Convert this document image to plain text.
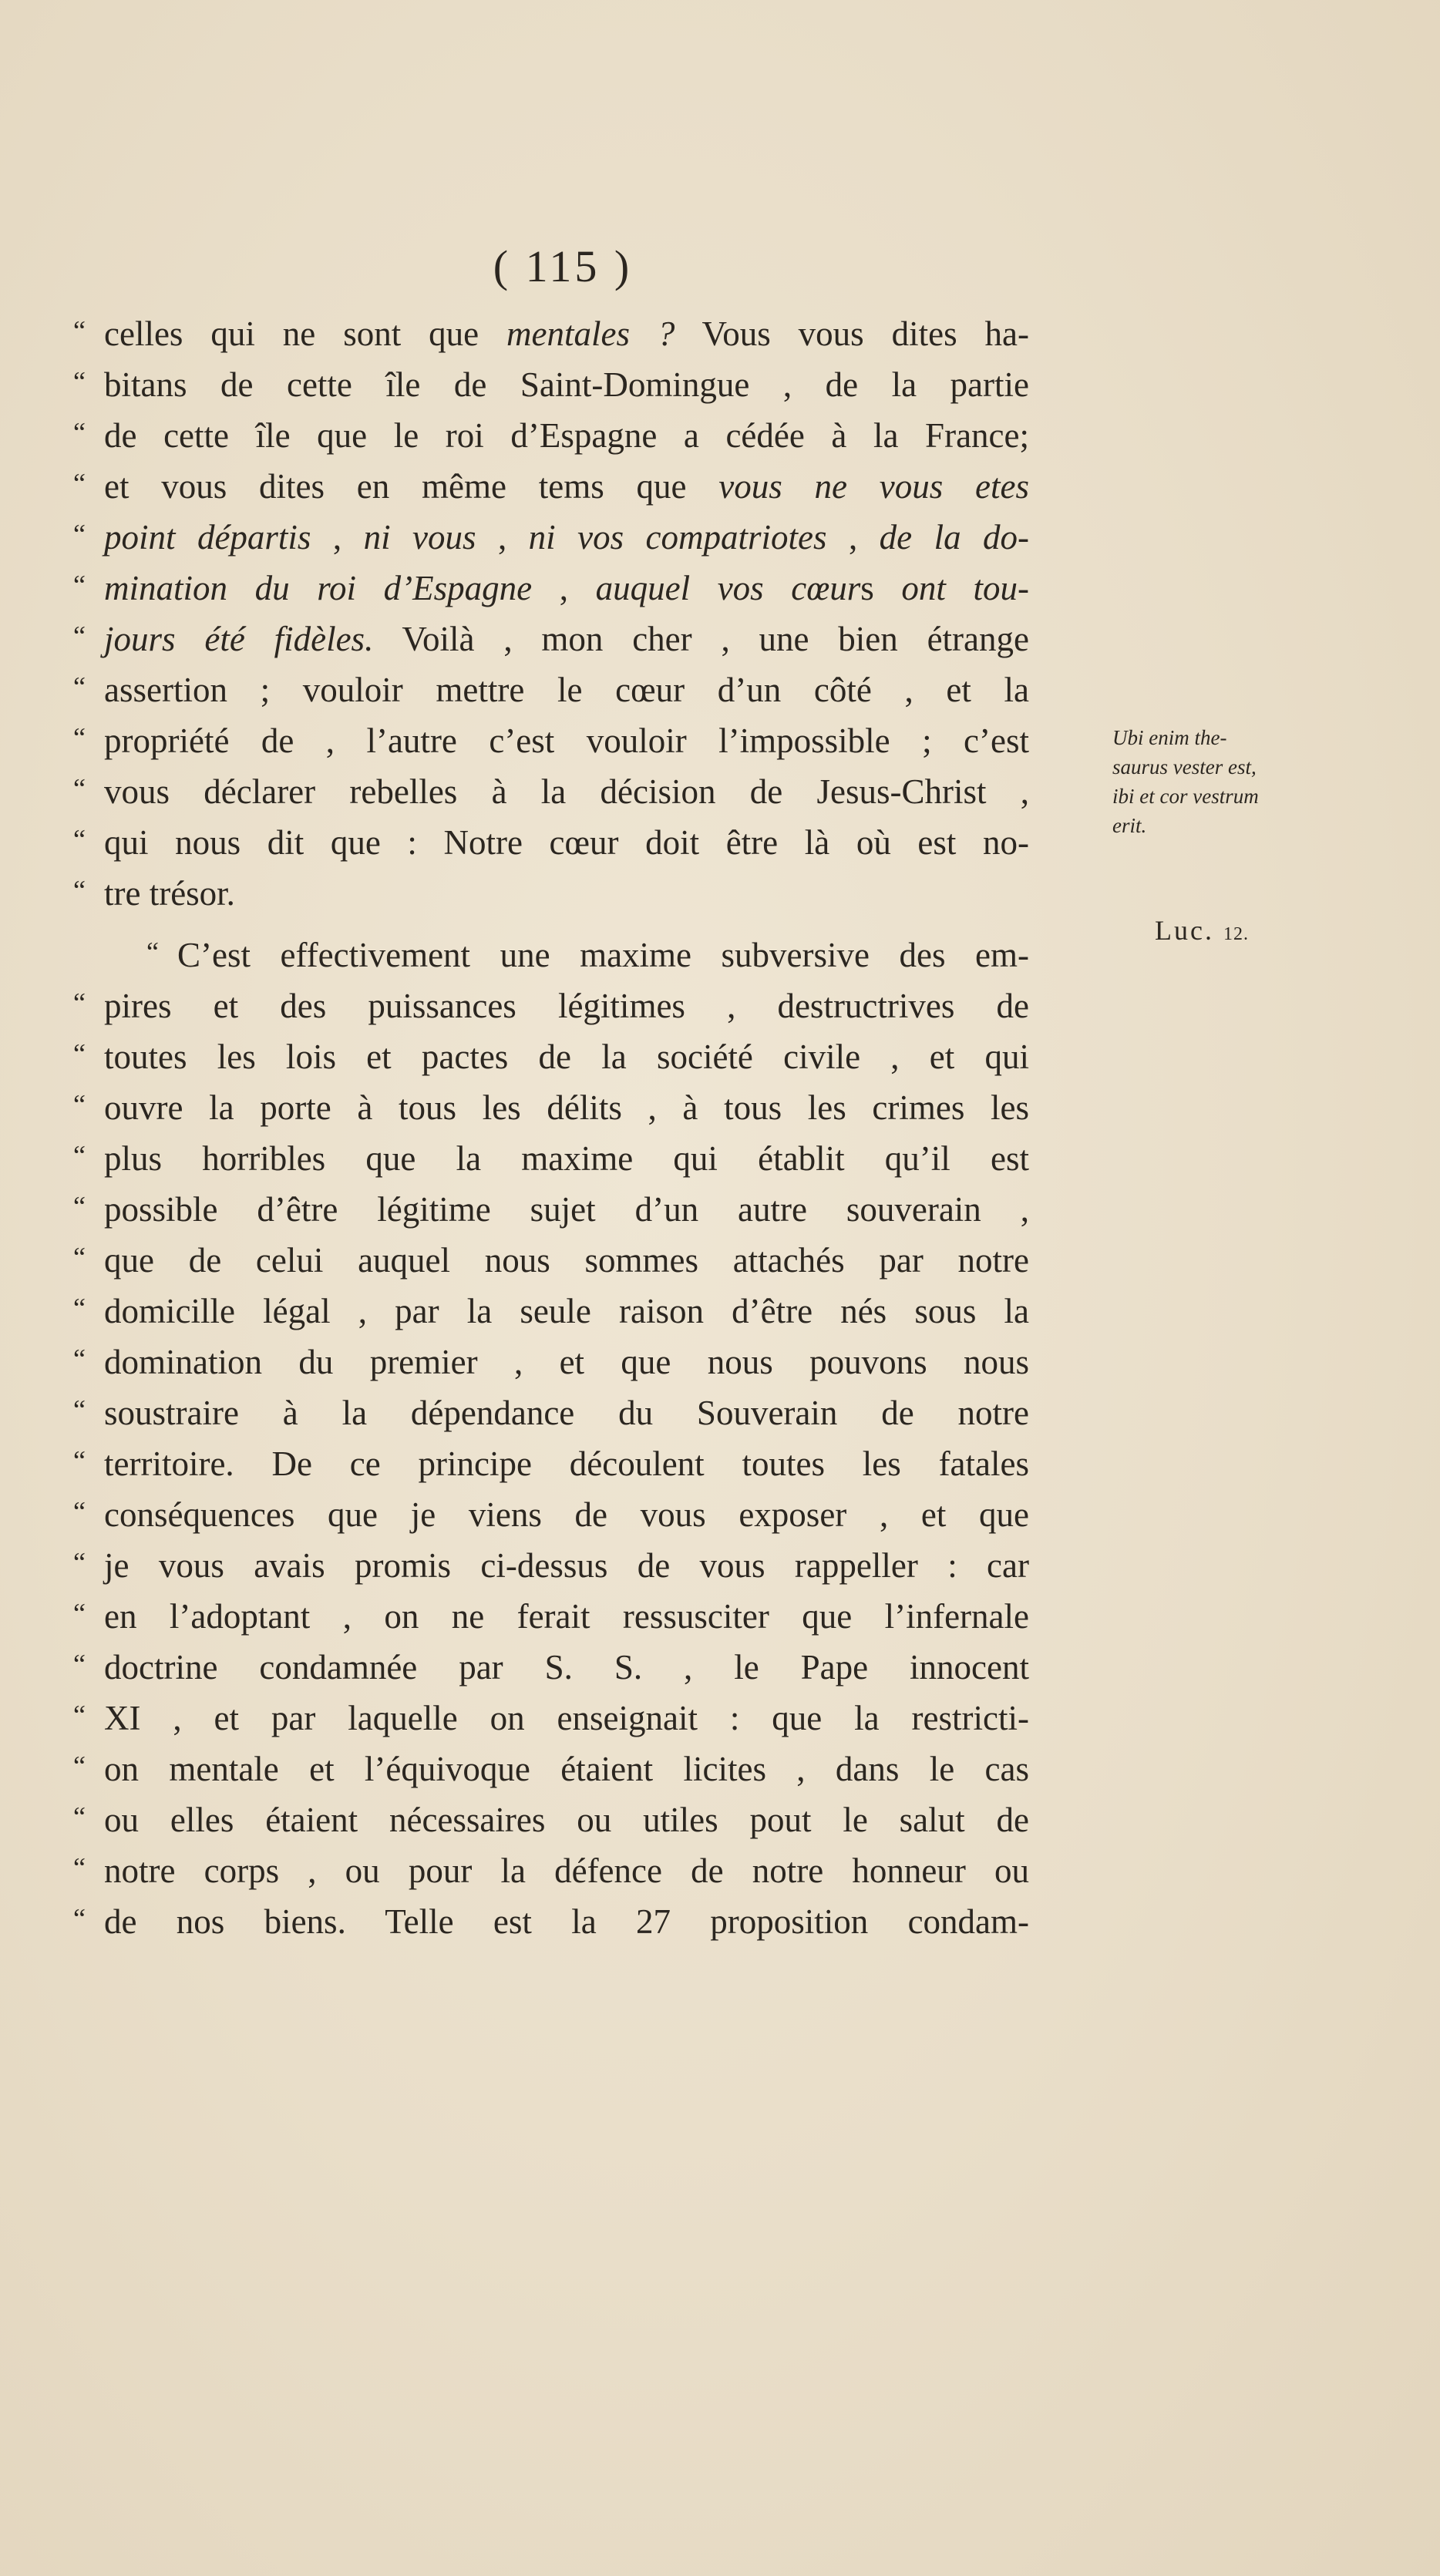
( 115 )
“ celles qui ne sont que mentales ? Vous vous dites ha-
“ bitans de cette île de Saint-Domingue , de la partie
“ de cette île que le roi d’Espagne a cédée à la France;
“ et vous dites en même tems que vous ne vous etes
“ point départis , ni vous , ni vos compatriotes , de la do-
“ mination du roi d’Espagne , auquel vos cœurs ont tou-
“ jours été fidèles. Voilà , mon cher , une bien étrange
“ assertion ; vouloir mettre le cœur d’un côté , et la
“ propriété de , l’autre c’est vouloir l’impossible ; c’est
“ vous déclarer rebelles à la décision de Jesus-Christ ,
“ qui nous dit que : Notre cœur doit être là où est no-
“ tre trésor.
“ C’est effectivement une maxime subversive des em-
“ pires et des puissances légitimes , destructrives de
“ toutes les lois et pactes de la société civile , et qui
“ ouvre la porte à tous les délits , à tous les crimes les
“ plus horribles que la maxime qui établit qu’il est
“ possible d’être légitime sujet d’un autre souverain ,
“ que de celui auquel nous sommes attachés par notre
“ domicille légal , par la seule raison d’être nés sous la
“ domination du premier , et que nous pouvons nous
“ soustraire à la dépendance du Souverain de notre
“ territoire. De ce principe découlent toutes les fatales
“ conséquences que je viens de vous exposer , et que
“ je vous avais promis ci-dessus de vous rappeller : car
“ en l’adoptant , on ne ferait ressusciter que l’infernale
“ doctrine condamnée par S. S. , le Pape innocent
“ XI , et par laquelle on enseignait : que la restricti-
“ on mentale et l’équivoque étaient licites , dans le cas
“ ou elles étaient nécessaires ou utiles pout le salut de
“ notre corps , ou pour la défence de notre honneur ou
“ de nos biens. Telle est la 27 proposition condam-
Ubi enim the-
saurus vester est,
ibi et cor vestrum
erit.
Luc. 12.
